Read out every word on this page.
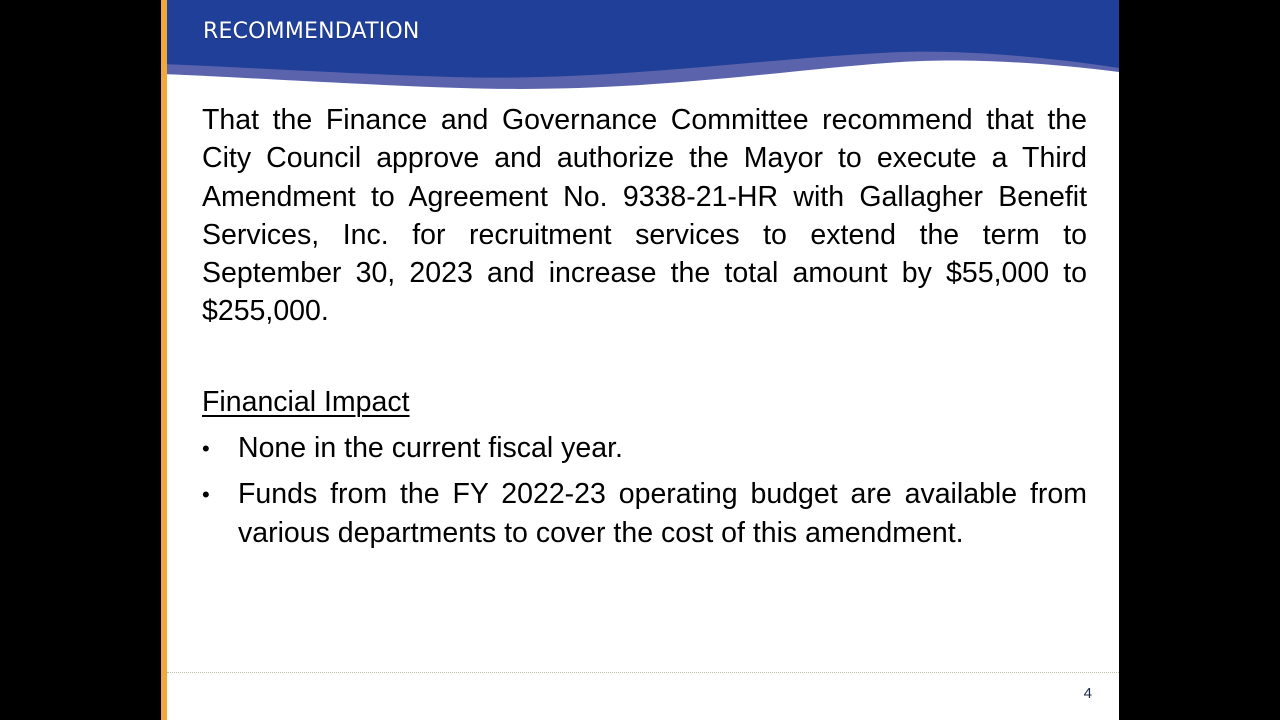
RECOMMENDATION

That the Finance and Governance Committee recommend that the City Council approve and authorize the Mayor to execute a Third Amendment to Agreement No. 9338-21-HR with Gallagher Benefit Services, Inc. for recruitment services to extend the term to September 30, 2023 and increase the total amount by $55,000 to $255,000.

Financial Impact
• None in the current fiscal year.
• Funds from the FY 2022-23 operating budget are available from various departments to cover the cost of this amendment.
4
